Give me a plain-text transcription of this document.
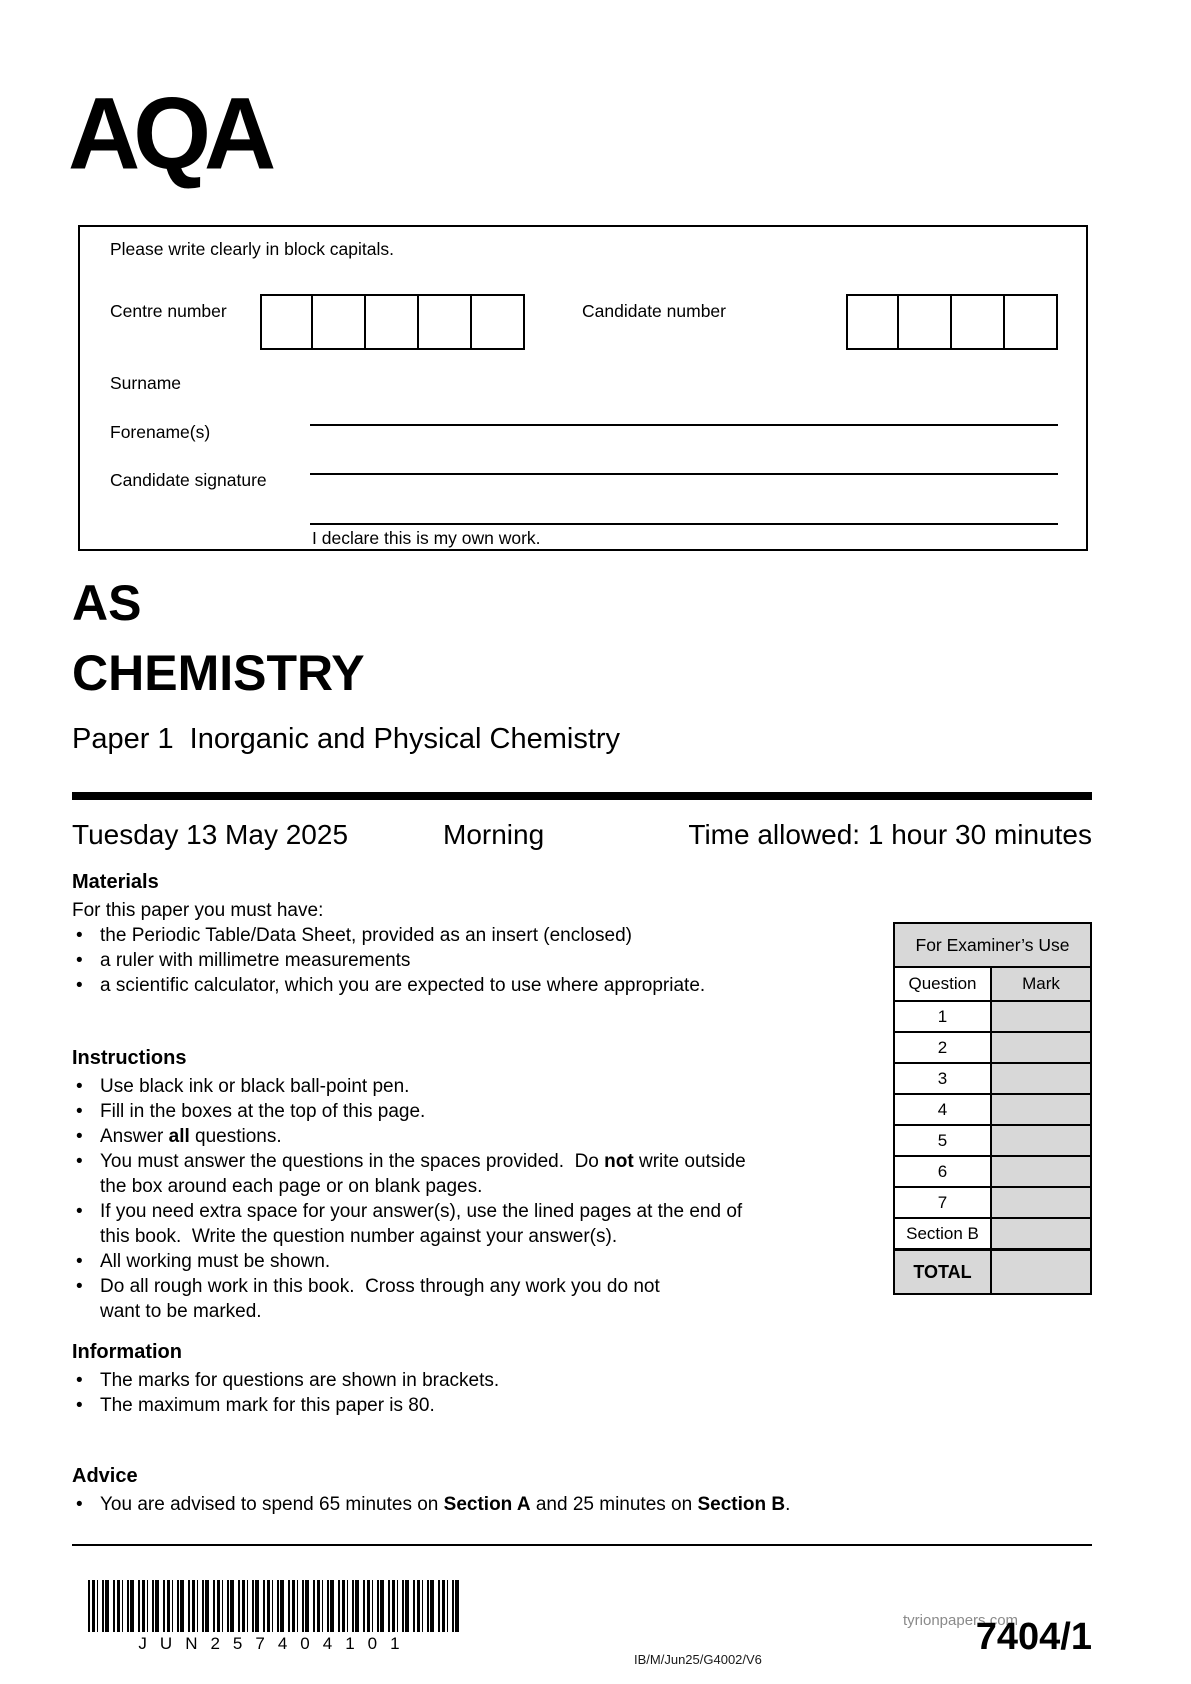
AQA
Please write clearly in block capitals.
Centre number	Candidate number
Surname
Forename(s)
Candidate signature
I declare this is my own work.
AS
CHEMISTRY
Paper 1  Inorganic and Physical Chemistry
Tuesday 13 May 2025	Morning	Time allowed: 1 hour 30 minutes
Materials
For this paper you must have:
• the Periodic Table/Data Sheet, provided as an insert (enclosed)
• a ruler with millimetre measurements
• a scientific calculator, which you are expected to use where appropriate.
Instructions
• Use black ink or black ball-point pen.
• Fill in the boxes at the top of this page.
• Answer all questions.
• You must answer the questions in the spaces provided.  Do not write outside
the box around each page or on blank pages.
• If you need extra space for your answer(s), use the lined pages at the end of
this book.  Write the question number against your answer(s).
• All working must be shown.
• Do all rough work in this book.  Cross through any work you do not
want to be marked.
Information
• The marks for questions are shown in brackets.
• The maximum mark for this paper is 80.
Advice
• You are advised to spend 65 minutes on Section A and 25 minutes on Section B.
For Examiner’s Use	
Question	Mark
1	
2	
3	
4	
5	
6	
7	
Section B	
TOTAL	
JUN257404101
IB/M/Jun25/G4002/V6
tyrionpapers.com
7404/1
